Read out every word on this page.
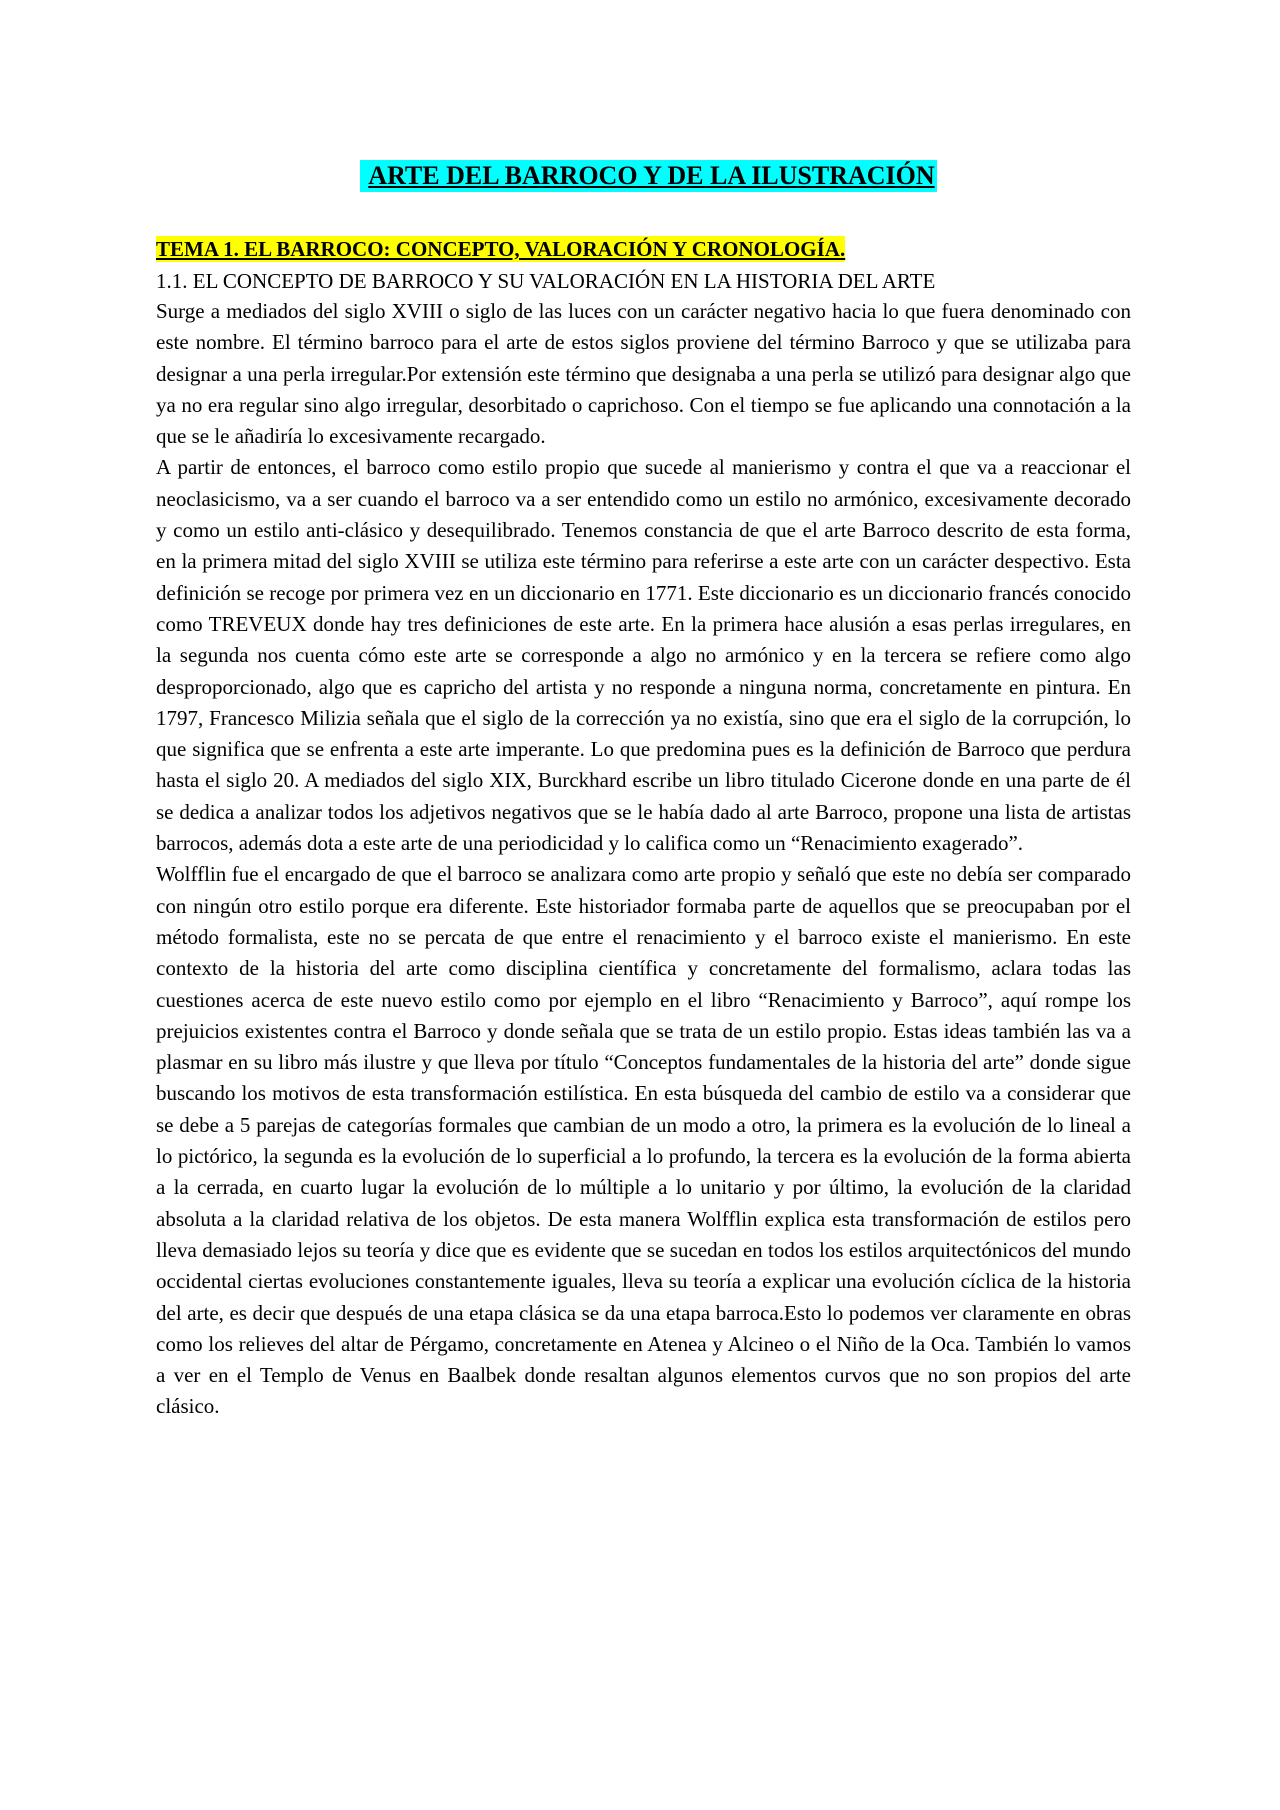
ARTE DEL BARROCO Y DE LA ILUSTRACIÓN
TEMA 1. EL BARROCO: CONCEPTO, VALORACIÓN Y CRONOLOGÍA.

1.1. EL CONCEPTO DE BARROCO Y SU VALORACIÓN EN LA HISTORIA DEL ARTE

Surge a mediados del siglo XVIII o siglo de las luces con un carácter negativo hacia lo que fuera denominado con este nombre. El término barroco para el arte de estos siglos proviene del término Barroco y que se utilizaba para designar a una perla irregular.Por extensión este término que designaba a una perla se utilizó para designar algo que ya no era regular sino algo irregular, desorbitado o caprichoso. Con el tiempo se fue aplicando una connotación a la que se le añadiría lo excesivamente recargado.

A partir de entonces, el barroco como estilo propio que sucede al manierismo y contra el que va a reaccionar el neoclasicismo, va a ser cuando el barroco va a ser entendido como un estilo no armónico, excesivamente decorado y como un estilo anti-clásico y desequilibrado. Tenemos constancia de que el arte Barroco descrito de esta forma, en la primera mitad del siglo XVIII se utiliza este término para referirse a este arte con un carácter despectivo. Esta definición se recoge por primera vez en un diccionario en 1771. Este diccionario es un diccionario francés conocido como TREVEUX donde hay tres definiciones de este arte. En la primera hace alusión a esas perlas irregulares, en la segunda nos cuenta cómo este arte se corresponde a algo no armónico y en la tercera se refiere como algo desproporcionado, algo que es capricho del artista y no responde a ninguna norma, concretamente en pintura. En 1797, Francesco Milizia señala que el siglo de la corrección ya no existía, sino que era el siglo de la corrupción, lo que significa que se enfrenta a este arte imperante. Lo que predomina pues es la definición de Barroco que perdura hasta el siglo 20. A mediados del siglo XIX, Burckhard escribe un libro titulado Cicerone donde en una parte de él se dedica a analizar todos los adjetivos negativos que se le había dado al arte Barroco, propone una lista de artistas barrocos, además dota a este arte de una periodicidad y lo califica como un “Renacimiento exagerado”.

Wolfflin fue el encargado de que el barroco se analizara como arte propio y señaló que este no debía ser comparado con ningún otro estilo porque era diferente. Este historiador formaba parte de aquellos que se preocupaban por el método formalista, este no se percata de que entre el renacimiento y el barroco existe el manierismo. En este contexto de la historia del arte como disciplina científica y concretamente del formalismo, aclara todas las cuestiones acerca de este nuevo estilo como por ejemplo en el libro “Renacimiento y Barroco”, aquí rompe los prejuicios existentes contra el Barroco y donde señala que se trata de un estilo propio. Estas ideas también las va a plasmar en su libro más ilustre y que lleva por título “Conceptos fundamentales de la historia del arte” donde sigue buscando los motivos de esta transformación estilística. En esta búsqueda del cambio de estilo va a considerar que se debe a 5 parejas de categorías formales que cambian de un modo a otro, la primera es la evolución de lo lineal a lo pictórico, la segunda es la evolución de lo superficial a lo profundo, la tercera es la evolución de la forma abierta a la cerrada, en cuarto lugar la evolución de lo múltiple a lo unitario y por último, la evolución de la claridad absoluta a la claridad relativa de los objetos. De esta manera Wolfflin explica esta transformación de estilos pero lleva demasiado lejos su teoría y dice que es evidente que se sucedan en todos los estilos arquitectónicos del mundo occidental ciertas evoluciones constantemente iguales, lleva su teoría a explicar una evolución cíclica de la historia del arte, es decir que después de una etapa clásica se da una etapa barroca.Esto lo podemos ver claramente en obras como los relieves del altar de Pérgamo, concretamente en Atenea y Alcineo o el Niño de la Oca. También lo vamos a ver en el Templo de Venus en Baalbek donde resaltan algunos elementos curvos que no son propios del arte clásico.
